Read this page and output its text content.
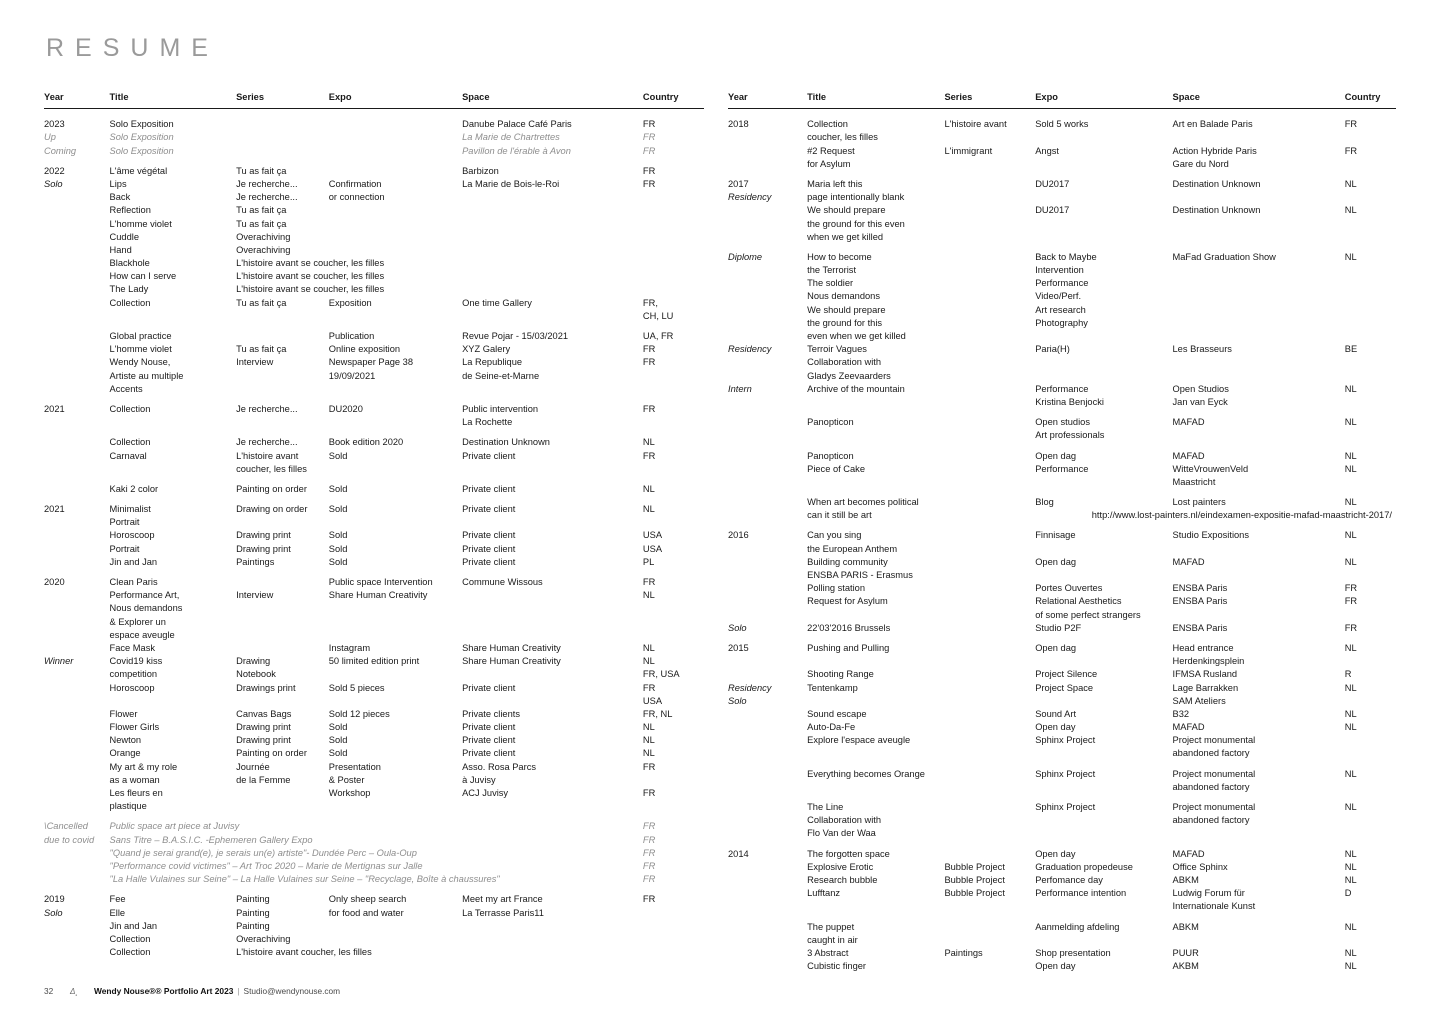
RESUME
Year	Title	Series	Expo	Space	Country
2023	Solo Exposition			Danube Palace Café Paris	FR
Up	Solo Exposition			La Marie de Chartrettes	FR
Coming	Solo Exposition			Pavillon de l'érable à Avon	FR

2022	L'âme végétal	Tu as fait ça		Barbizon	FR
Solo	Lips	Je recherche...	Confirmation	La Marie de Bois-le-Roi	FR
	Back	Je recherche...	or connection		
	Reflection	Tu as fait ça			
	L'homme violet	Tu as fait ça			
	Cuddle	Overachiving			
	Hand	Overachiving			
	Blackhole	L'histoire avant se coucher, les filles			
	How can I serve	L'histoire avant se coucher, les filles			
	The Lady	L'histoire avant se coucher, les filles			
	Collection	Tu as fait ça	Exposition	One time Gallery	FR,
					CH, LU

	Global practice		Publication	Revue Pojar - 15/03/2021	UA, FR
	L'homme violet	Tu as fait ça	Online exposition	XYZ Galery	FR
	Wendy Nouse,	Interview	Newspaper Page 38	La Republique	FR
	Artiste au multiple		19/09/2021	de Seine-et-Marne	
	Accents				

2021	Collection	Je recherche...	DU2020	Public intervention	FR
				La Rochette	

	Collection	Je recherche...	Book edition 2020	Destination Unknown	NL
	Carnaval	L'histoire avant	Sold	Private client	FR
		coucher, les filles			

	Kaki 2 color	Painting on order	Sold	Private client	NL

2021	Minimalist	Drawing on order	Sold	Private client	NL
	Portrait				
	Horoscoop	Drawing print	Sold	Private client	USA
	Portrait	Drawing print	Sold	Private client	USA
	Jin and Jan	Paintings	Sold	Private client	PL

2020	Clean Paris		Public space Intervention	Commune Wissous	FR
	Performance Art,	Interview	Share Human Creativity		NL
	Nous demandons				
	& Explorer un				
	espace aveugle				
	Face Mask		Instagram	Share Human Creativity	NL
Winner	Covid19 kiss	Drawing	50 limited edition print	Share Human Creativity	NL
	competition	Notebook			FR, USA
	Horoscoop	Drawings print	Sold 5 pieces	Private client	FR
					USA
	Flower	Canvas Bags	Sold 12 pieces	Private clients	FR, NL
	Flower Girls	Drawing print	Sold	Private client	NL
	Newton	Drawing print	Sold	Private client	NL
	Orange	Painting on order	Sold	Private client	NL
	My art & my role	Journée	Presentation	Asso. Rosa Parcs	FR
	as a woman	de la Femme	& Poster	à Juvisy	
	Les fleurs en		Workshop	ACJ Juvisy	FR
	plastique				

\Cancelled	Public space art piece at Juvisy				FR
due to covid	Sans Titre – B.A.S.I.C. -Ephemeren Gallery Expo				FR
	"Quand je serai grand(e), je serais un(e) artiste"- Dundée Perc – Oula-Oup				FR
	"Performance covid victimes" – Art Troc 2020 – Marie de Mertignas sur Jalle				FR
	"La Halle Vulaines sur Seine" – La Halle Vulaines sur Seine – "Recyclage, Boîte à chaussures"				FR

2019	Fee	Painting	Only sheep search	Meet my art France	FR
Solo	Elle	Painting	for food and water	La Terrasse Paris11	
	Jin and Jan	Painting			
	Collection	Overachiving			
	Collection	L'histoire avant coucher, les filles			
Year	Title	Series	Expo	Space	Country
2018	Collection	L'histoire avant	Sold 5 works	Art en Balade Paris	FR
	coucher, les filles				
	#2 Request	L'immigrant	Angst	Action Hybride Paris	FR
	for Asylum			Gare du Nord	

2017	Maria left this		DU2017	Destination Unknown	NL
Residency	page intentionally blank				
	We should prepare		DU2017	Destination Unknown	NL
	the ground for this even				
	when we get killed				

Diplome	How to become		Back to Maybe	MaFad Graduation Show	NL
	the Terrorist		Intervention		
	The soldier		Performance		
	Nous demandons		Video/Perf.		
	We should prepare		Art research		
	the ground for this		Photography		
	even when we get killed				
Residency	Terroir Vagues		Paria(H)	Les Brasseurs	BE
	Collaboration with				
	Gladys Zeevaarders				
Intern	Archive of the mountain		Performance	Open Studios	NL
			Kristina Benjocki	Jan van Eyck	

	Panopticon		Open studios	MAFAD	NL
			Art professionals		

	Panopticon		Open dag	MAFAD	NL
	Piece of Cake		Performance	WitteVrouwenVeld	NL
				Maastricht	

	When art becomes political		Blog	Lost painters	NL
	can it still be art	http://www.lost-painters.nl/eindexamen-expositie-mafad-maastricht-2017/			

2016	Can you sing		Finnisage	Studio Expositions	NL
	the European Anthem				
	Building community		Open dag	MAFAD	NL
	ENSBA PARIS - Erasmus				
	Polling station		Portes Ouvertes	ENSBA Paris	FR
	Request for Asylum		Relational Aesthetics	ENSBA Paris	FR
			of some perfect strangers		
Solo	22'03'2016 Brussels		Studio P2F	ENSBA Paris	FR

2015	Pushing and Pulling		Open dag	Head entrance	NL
				Herdenkingsplein	
	Shooting Range		Project Silence	IFMSA Rusland	R
Residency	Tentenkamp		Project Space	Lage Barrakken	NL
Solo				SAM Ateliers	
	Sound escape		Sound Art	B32	NL
	Auto-Da-Fe		Open day	MAFAD	NL
	Explore l'espace aveugle		Sphinx Project	Project monumental	
				abandoned factory	

	Everything becomes Orange		Sphinx Project	Project monumental	NL
				abandoned factory	

	The Line		Sphinx Project	Project monumental	NL
	Collaboration with			abandoned factory	
	Flo Van der Waa				

2014	The forgotten space		Open day	MAFAD	NL
	Explosive Erotic	Bubble Project	Graduation propedeuse	Office Sphinx	NL
	Research bubble	Bubble Project	Perfomance day	ABKM	NL
	Lufftanz	Bubble Project	Performance intention	Ludwig Forum für	D
				Internationale Kunst	

	The puppet		Aanmelding afdeling	ABKM	NL
	caught in air				
	3 Abstract	Paintings	Shop presentation	PUUR	NL
	Cubistic finger		Open day	AKBM	NL
32	Δ˛	Wendy Nouse®® Portfolio Art 2023 | Studio@wendynouse.com
